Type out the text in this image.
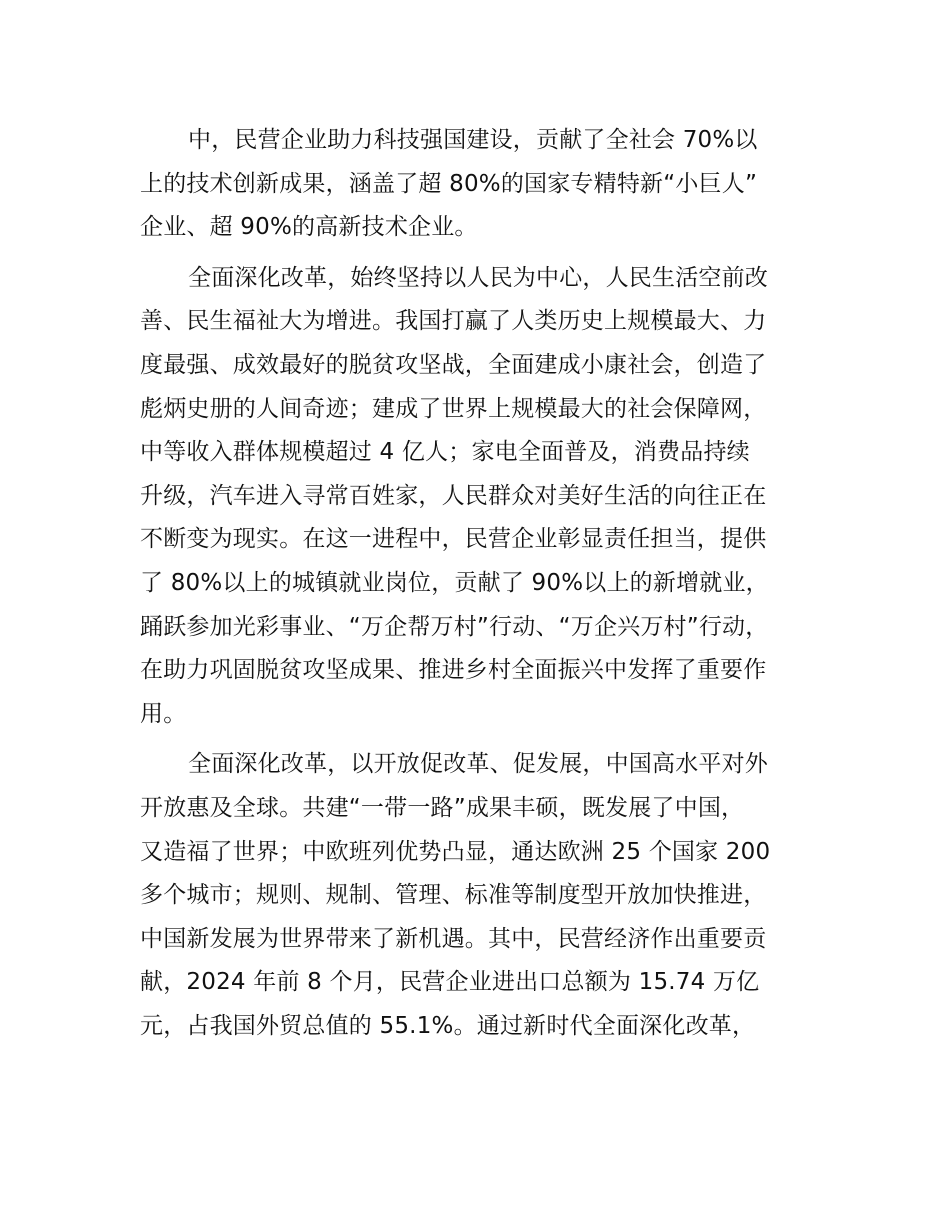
中，民营企业助力科技强国建设，贡献了全社会 70%以
上的技术创新成果，涵盖了超 80%的国家专精特新“小巨人”
企业、超 90%的高新技术企业。
全面深化改革，始终坚持以人民为中心，人民生活空前改
善、民生福祉大为增进。我国打赢了人类历史上规模最大、力
度最强、成效最好的脱贫攻坚战，全面建成小康社会，创造了
彪炳史册的人间奇迹；建成了世界上规模最大的社会保障网，
中等收入群体规模超过 4 亿人；家电全面普及，消费品持续
升级，汽车进入寻常百姓家，人民群众对美好生活的向往正在
不断变为现实。在这一进程中，民营企业彰显责任担当，提供
了 80%以上的城镇就业岗位，贡献了 90%以上的新增就业，
踊跃参加光彩事业、“万企帮万村”行动、“万企兴万村”行动，
在助力巩固脱贫攻坚成果、推进乡村全面振兴中发挥了重要作
用。
全面深化改革，以开放促改革、促发展，中国高水平对外
开放惠及全球。共建“一带一路”成果丰硕，既发展了中国，
又造福了世界；中欧班列优势凸显，通达欧洲 25 个国家 200
多个城市；规则、规制、管理、标准等制度型开放加快推进，
中国新发展为世界带来了新机遇。其中，民营经济作出重要贡
献，2024 年前 8 个月，民营企业进出口总额为 15.74 万亿
元，占我国外贸总值的 55.1%。通过新时代全面深化改革，
